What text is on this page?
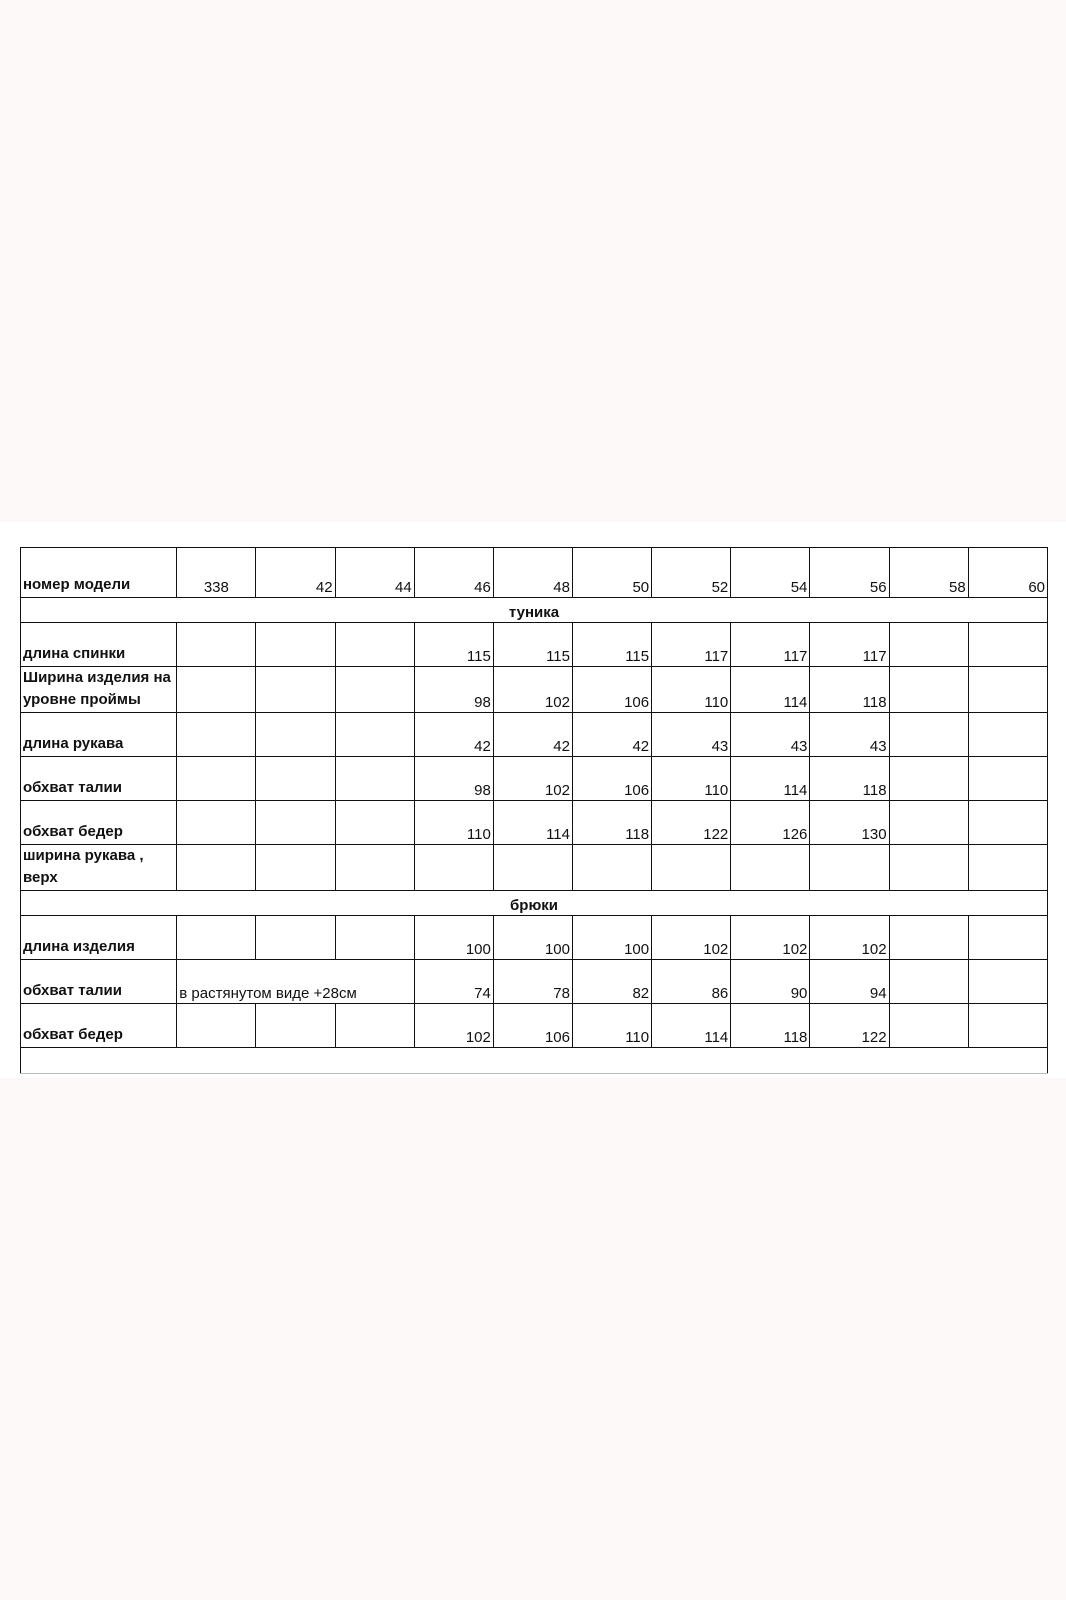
номер модели	338	42	44	46	48	50	52	54	56	58	60
туника											
длина спинки				115	115	115	117	117	117		
Ширина изделия на уровне проймы				98	102	106	110	114	118		
длина рукава				42	42	42	43	43	43		
обхват талии				98	102	106	110	114	118		
обхват бедер				110	114	118	122	126	130		
ширина рукава , верх											
брюки											
длина изделия				100	100	100	102	102	102		
обхват талии	в растянутом виде +28см			74	78	82	86	90	94		
обхват бедер				102	106	110	114	118	122		
